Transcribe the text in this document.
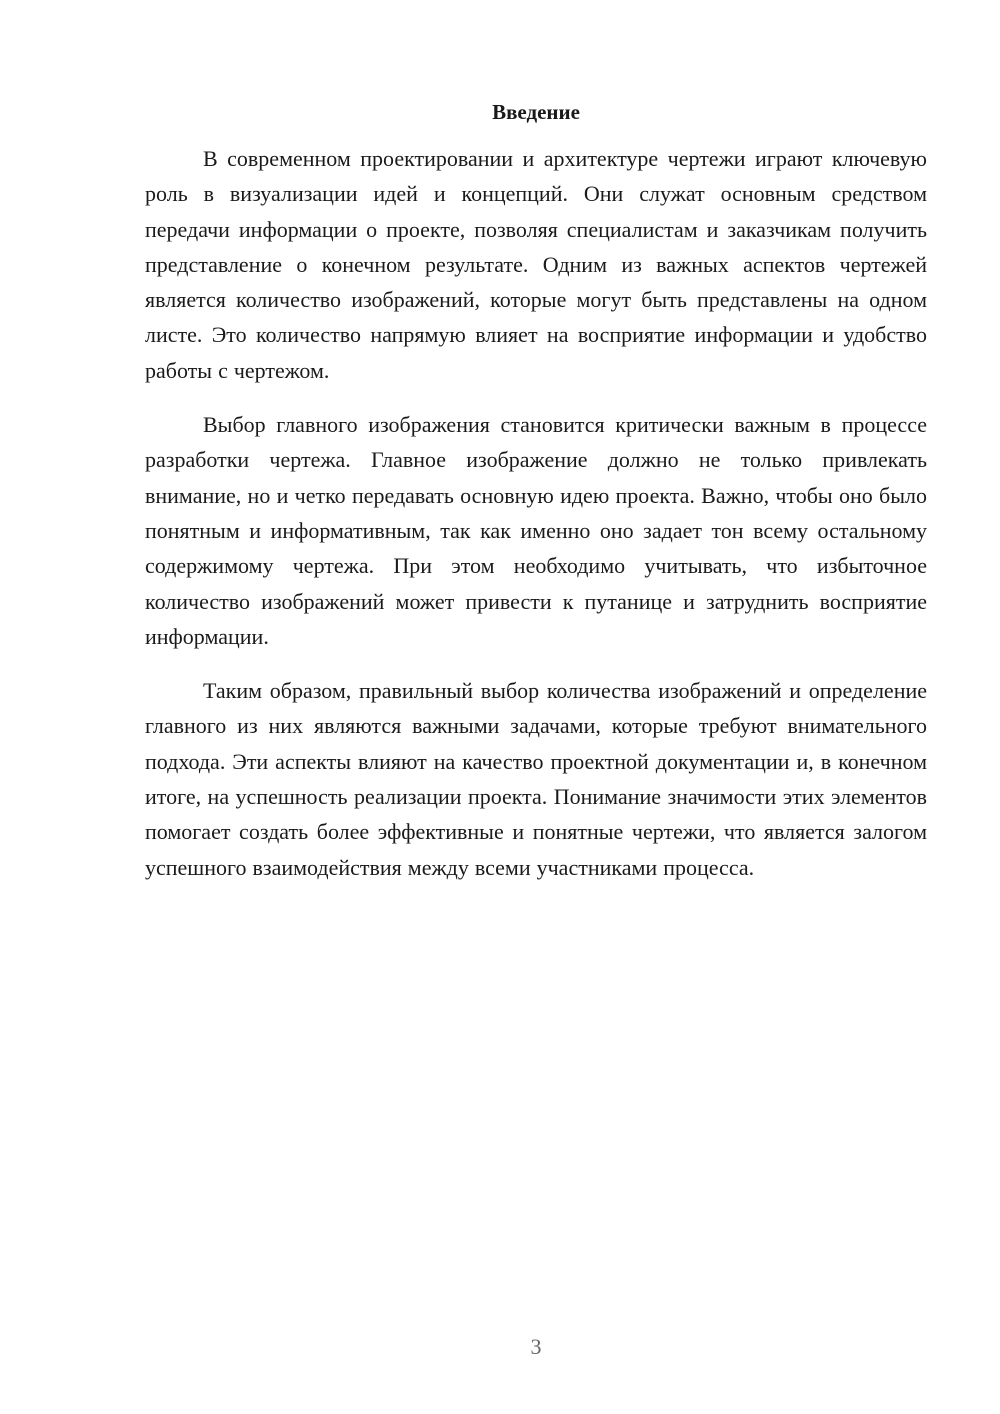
Введение

В современном проектировании и архитектуре чертежи играют ключевую роль в визуализации идей и концепций. Они служат основным средством передачи информации о проекте, позволяя специалистам и заказчикам получить представление о конечном результате. Одним из важных аспектов чертежей является количество изображений, которые могут быть представлены на одном листе. Это количество напрямую влияет на восприятие информации и удобство работы с чертежом.

Выбор главного изображения становится критически важным в процессе разработки чертежа. Главное изображение должно не только привлекать внимание, но и четко передавать основную идею проекта. Важно, чтобы оно было понятным и информативным, так как именно оно задает тон всему остальному содержимому чертежа. При этом необходимо учитывать, что избыточное количество изображений может привести к путанице и затруднить восприятие информации.

Таким образом, правильный выбор количества изображений и определение главного из них являются важными задачами, которые требуют внимательного подхода. Эти аспекты влияют на качество проектной документации и, в конечном итоге, на успешность реализации проекта. Понимание значимости этих элементов помогает создать более эффективные и понятные чертежи, что является залогом успешного взаимодействия между всеми участниками процесса.

3
